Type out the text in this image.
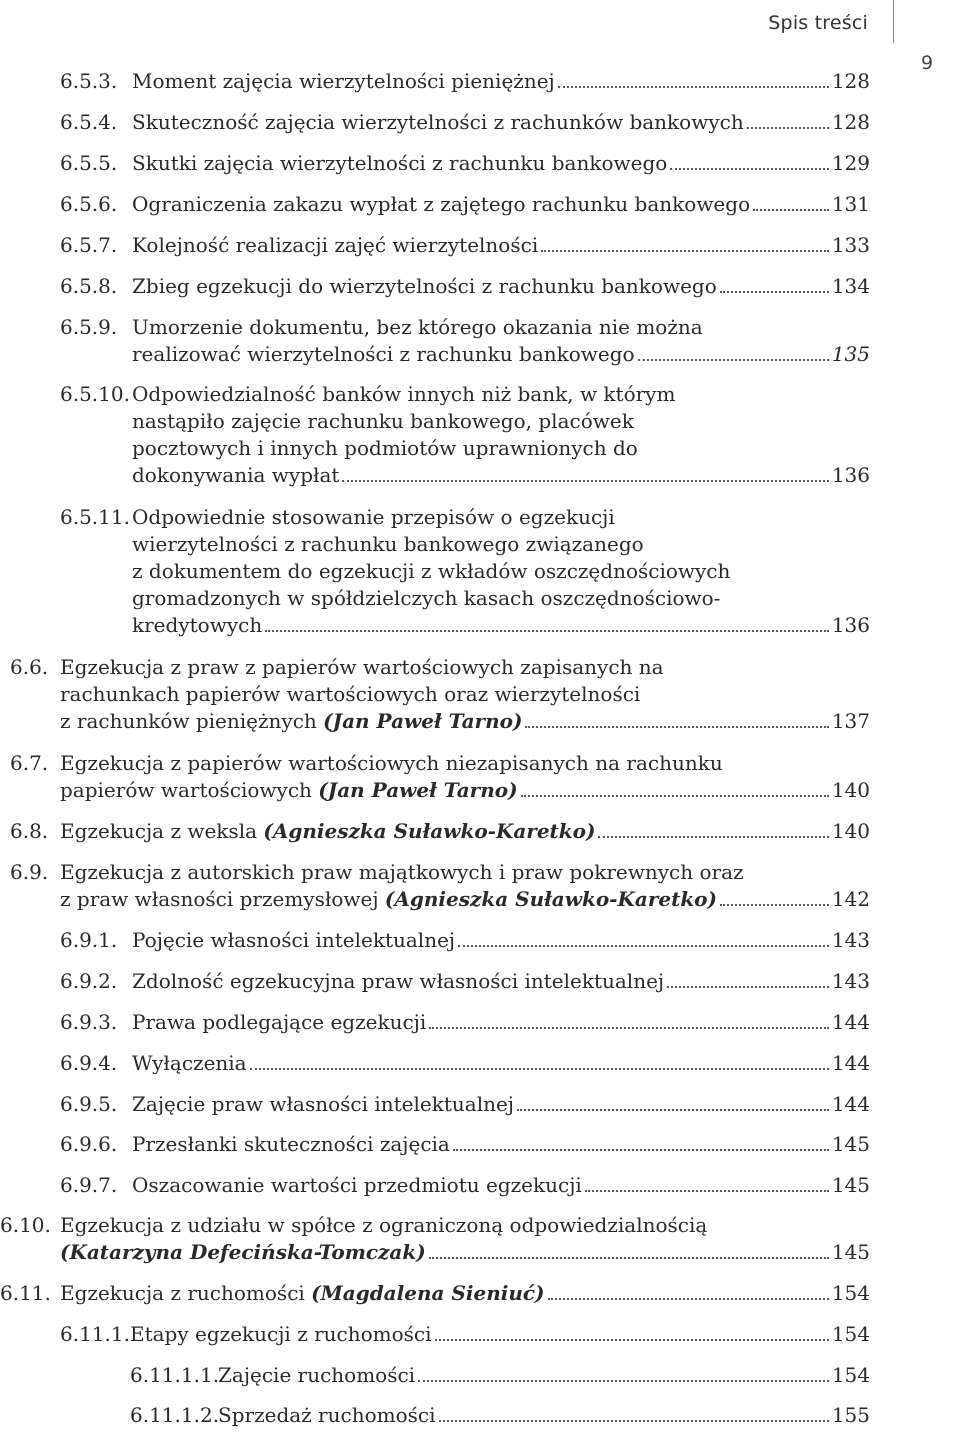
Spis treści
9
6.5.3. Moment zajęcia wierzytelności pieniężnej	128
6.5.4. Skuteczność zajęcia wierzytelności z rachunków bankowych	128
6.5.5. Skutki zajęcia wierzytelności z rachunku bankowego	129
6.5.6. Ograniczenia zakazu wypłat z zajętego rachunku bankowego	131
6.5.7. Kolejność realizacji zajęć wierzytelności	133
6.5.8. Zbieg egzekucji do wierzytelności z rachunku bankowego	134
6.5.9. Umorzenie dokumentu, bez którego okazania nie można
realizować wierzytelności z rachunku bankowego	135
6.5.10. Odpowiedzialność banków innych niż bank, w którym
nastąpiło zajęcie rachunku bankowego, placówek
pocztowych i innych podmiotów uprawnionych do
dokonywania wypłat	136
6.5.11. Odpowiednie stosowanie przepisów o egzekucji
wierzytelności z rachunku bankowego związanego
z dokumentem do egzekucji z wkładów oszczędnościowych
gromadzonych w spółdzielczych kasach oszczędnościowo-
kredytowych	136
6.6. Egzekucja z praw z papierów wartościowych zapisanych na
rachunkach papierów wartościowych oraz wierzytelności
z rachunków pieniężnych (Jan Paweł Tarno)	137
6.7. Egzekucja z papierów wartościowych niezapisanych na rachunku
papierów wartościowych (Jan Paweł Tarno)	140
6.8. Egzekucja z weksla (Agnieszka Suławko-Karetko)	140
6.9. Egzekucja z autorskich praw majątkowych i praw pokrewnych oraz
z praw własności przemysłowej (Agnieszka Suławko-Karetko)	142
6.9.1. Pojęcie własności intelektualnej	143
6.9.2. Zdolność egzekucyjna praw własności intelektualnej	143
6.9.3. Prawa podlegające egzekucji	144
6.9.4. Wyłączenia	144
6.9.5. Zajęcie praw własności intelektualnej	144
6.9.6. Przesłanki skuteczności zajęcia	145
6.9.7. Oszacowanie wartości przedmiotu egzekucji	145
6.10. Egzekucja z udziału w spółce z ograniczoną odpowiedzialnością
(Katarzyna Defecińska-Tomczak)	145
6.11. Egzekucja z ruchomości (Magdalena Sieniuć)	154
6.11.1. Etapy egzekucji z ruchomości	154
6.11.1.1.
Zajęcie ruchomości	154
6.11.1.2.
Sprzedaż ruchomości	155
